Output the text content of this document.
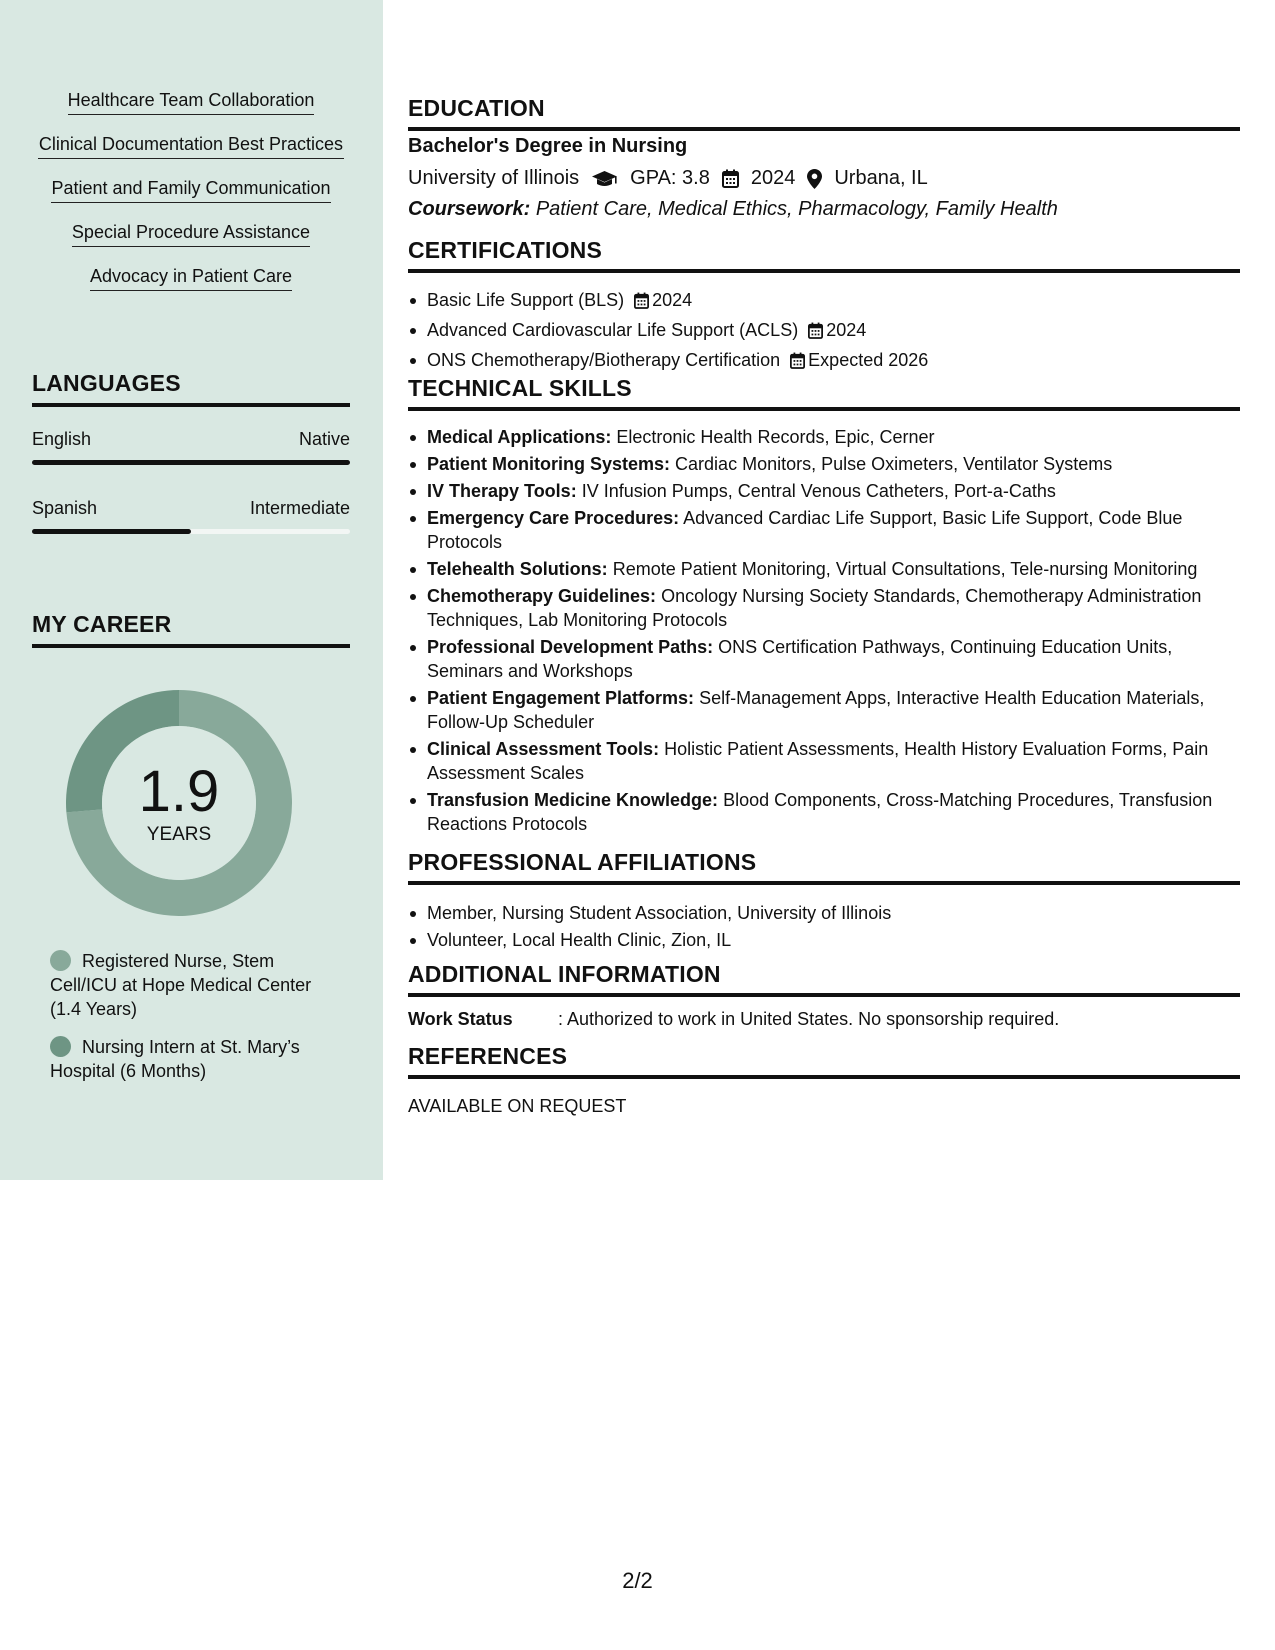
Healthcare Team Collaboration
Clinical Documentation Best Practices
Patient and Family Communication
Special Procedure Assistance
Advocacy in Patient Care
LANGUAGES
English	Native
Spanish	Intermediate
MY CAREER
1.9
YEARS
Registered Nurse, Stem Cell/ICU at Hope Medical Center (1.4 Years)
Nursing Intern at St. Mary’s Hospital (6 Months)
EDUCATION
Bachelor's Degree in Nursing
University of Illinois	GPA: 3.8 2024 Urbana, IL
Coursework: Patient Care, Medical Ethics, Pharmacology, Family Health
CERTIFICATIONS
Basic Life Support (BLS) 2024
Advanced Cardiovascular Life Support (ACLS) 2024
ONS Chemotherapy/Biotherapy Certification Expected 2026
TECHNICAL SKILLS
Medical Applications: Electronic Health Records, Epic, Cerner
Patient Monitoring Systems: Cardiac Monitors, Pulse Oximeters, Ventilator Systems
IV Therapy Tools: IV Infusion Pumps, Central Venous Catheters, Port-a-Caths
Emergency Care Procedures: Advanced Cardiac Life Support, Basic Life Support, Code Blue Protocols
Telehealth Solutions: Remote Patient Monitoring, Virtual Consultations, Tele-nursing Monitoring
Chemotherapy Guidelines: Oncology Nursing Society Standards, Chemotherapy Administration Techniques, Lab Monitoring Protocols
Professional Development Paths: ONS Certification Pathways, Continuing Education Units, Seminars and Workshops
Patient Engagement Platforms: Self-Management Apps, Interactive Health Education Materials, Follow-Up Scheduler
Clinical Assessment Tools: Holistic Patient Assessments, Health History Evaluation Forms, Pain Assessment Scales
Transfusion Medicine Knowledge: Blood Components, Cross-Matching Procedures, Transfusion Reactions Protocols
PROFESSIONAL AFFILIATIONS
Member, Nursing Student Association, University of Illinois
Volunteer, Local Health Clinic, Zion, IL
ADDITIONAL INFORMATION
Work Status	: Authorized to work in United States. No sponsorship required.
REFERENCES
AVAILABLE ON REQUEST
2/2
